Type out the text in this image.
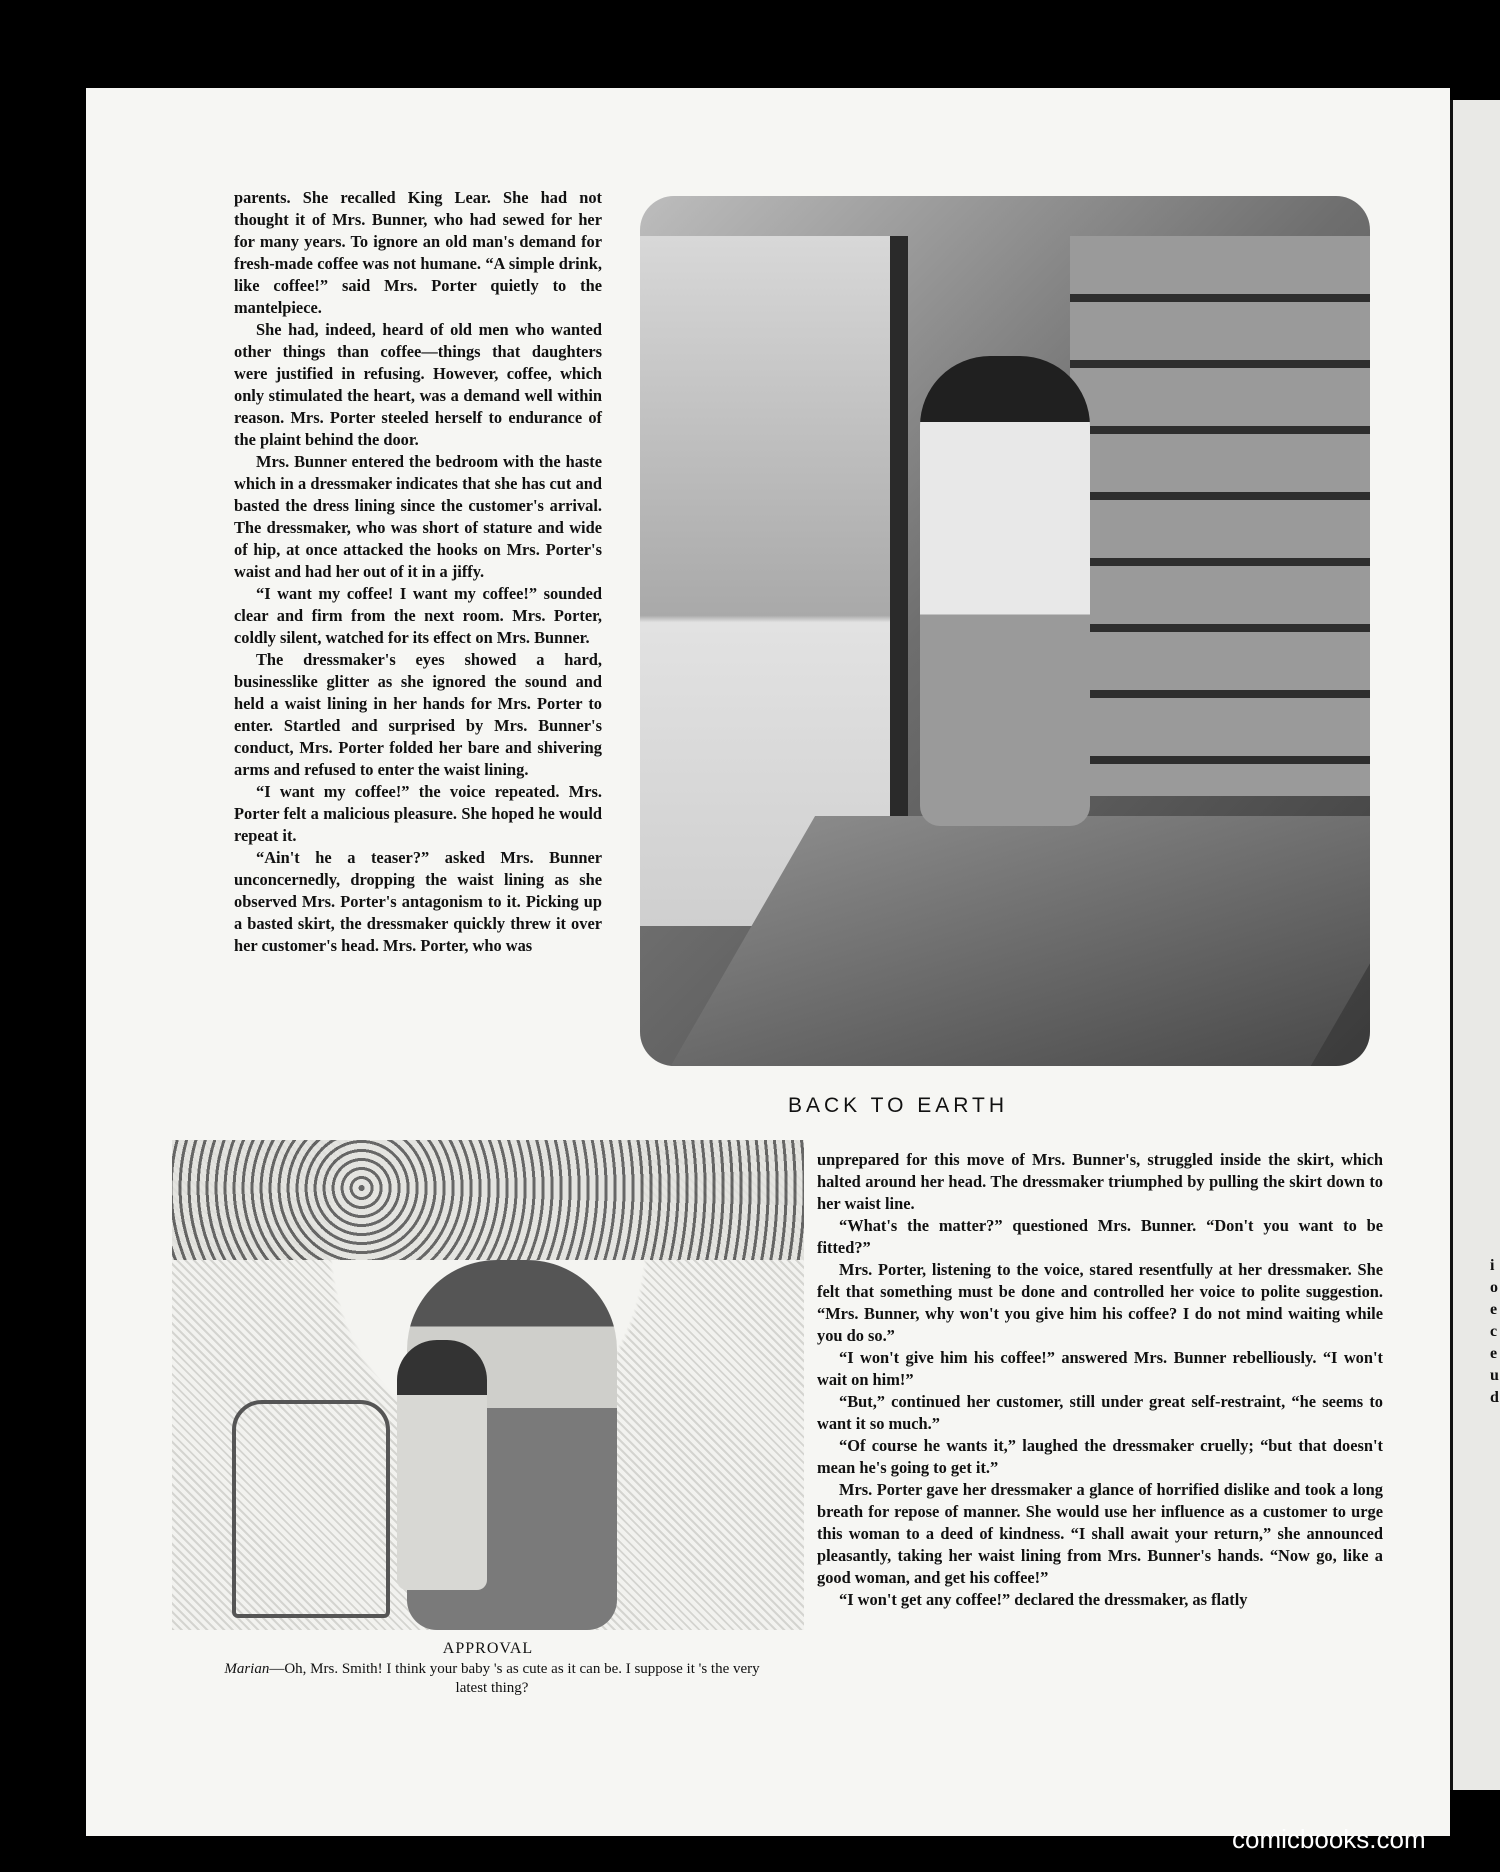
i o e c e u d

parents. She recalled King Lear. She had not thought it of Mrs. Bunner, who had sewed for her for many years. To ignore an old man's demand for fresh-made coffee was not humane. “A simple drink, like coffee!” said Mrs. Porter quietly to the mantelpiece.

She had, indeed, heard of old men who wanted other things than coffee—things that daughters were justified in refusing. However, coffee, which only stimulated the heart, was a demand well within reason. Mrs. Porter steeled herself to endurance of the plaint behind the door.

Mrs. Bunner entered the bedroom with the haste which in a dressmaker indicates that she has cut and basted the dress lining since the customer's arrival. The dressmaker, who was short of stature and wide of hip, at once attacked the hooks on Mrs. Porter's waist and had her out of it in a jiffy.

“I want my coffee! I want my coffee!” sounded clear and firm from the next room. Mrs. Porter, coldly silent, watched for its effect on Mrs. Bunner.

The dressmaker's eyes showed a hard, businesslike glitter as she ignored the sound and held a waist lining in her hands for Mrs. Porter to enter. Startled and surprised by Mrs. Bunner's conduct, Mrs. Porter folded her bare and shivering arms and refused to enter the waist lining.

“I want my coffee!” the voice repeated. Mrs. Porter felt a malicious pleasure. She hoped he would repeat it.

“Ain't he a teaser?” asked Mrs. Bunner unconcernedly, dropping the waist lining as she observed Mrs. Porter's antagonism to it. Picking up a basted skirt, the dressmaker quickly threw it over her customer's head. Mrs. Porter, who was

BACK TO EARTH
APPROVAL
Marian—Oh, Mrs. Smith! I think your baby 's as cute as it can be. I suppose it 's the very latest thing?

unprepared for this move of Mrs. Bunner's, struggled inside the skirt, which halted around her head. The dressmaker triumphed by pulling the skirt down to her waist line.

“What's the matter?” questioned Mrs. Bunner. “Don't you want to be fitted?”

Mrs. Porter, listening to the voice, stared resentfully at her dressmaker. She felt that something must be done and controlled her voice to polite suggestion. “Mrs. Bunner, why won't you give him his coffee? I do not mind waiting while you do so.”

“I won't give him his coffee!” answered Mrs. Bunner rebelliously. “I won't wait on him!”

“But,” continued her customer, still under great self-restraint, “he seems to want it so much.”

“Of course he wants it,” laughed the dressmaker cruelly; “but that doesn't mean he's going to get it.”

Mrs. Porter gave her dressmaker a glance of horrified dislike and took a long breath for repose of manner. She would use her influence as a customer to urge this woman to a deed of kindness. “I shall await your return,” she announced pleasantly, taking her waist lining from Mrs. Bunner's hands. “Now go, like a good woman, and get his coffee!”

“I won't get any coffee!” declared the dressmaker, as flatly

comicbooks.com
